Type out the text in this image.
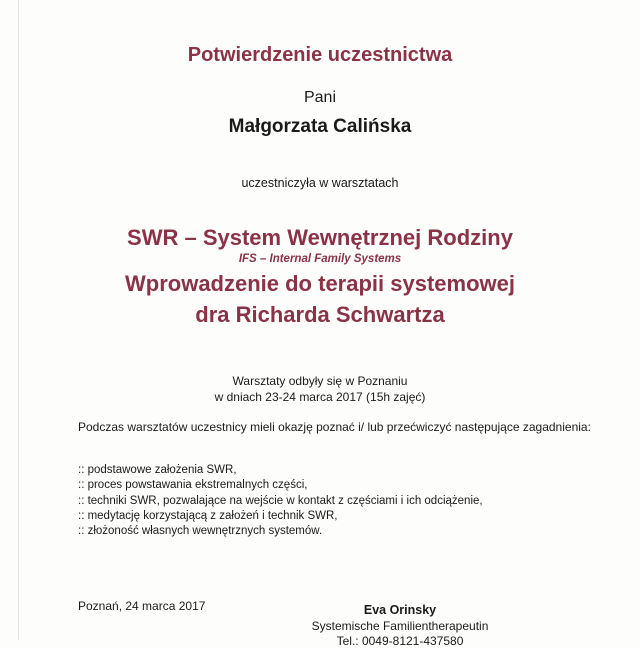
Potwierdzenie uczestnictwa
Pani
Małgorzata Calińska
uczestniczyła w warsztatach
SWR – System Wewnętrznej Rodziny
IFS – Internal Family Systems
Wprowadzenie do terapii systemowej
dra Richarda Schwartza
Warsztaty odbyły się w Poznaniu
w dniach 23-24 marca 2017 (15h zajęć)
Podczas warsztatów uczestnicy mieli okazję poznać i/ lub przećwiczyć następujące zagadnienia:
:: podstawowe założenia SWR,
:: proces powstawania ekstremalnych części,
:: techniki SWR, pozwalające na wejście w kontakt z częściami i ich odciążenie,
:: medytację korzystającą z założeń i technik SWR,
:: złożoność własnych wewnętrznych systemów.
Poznań, 24 marca 2017	Eva Orinsky
Systemische Familientherapeutin
Tel.: 0049-8121-437580
